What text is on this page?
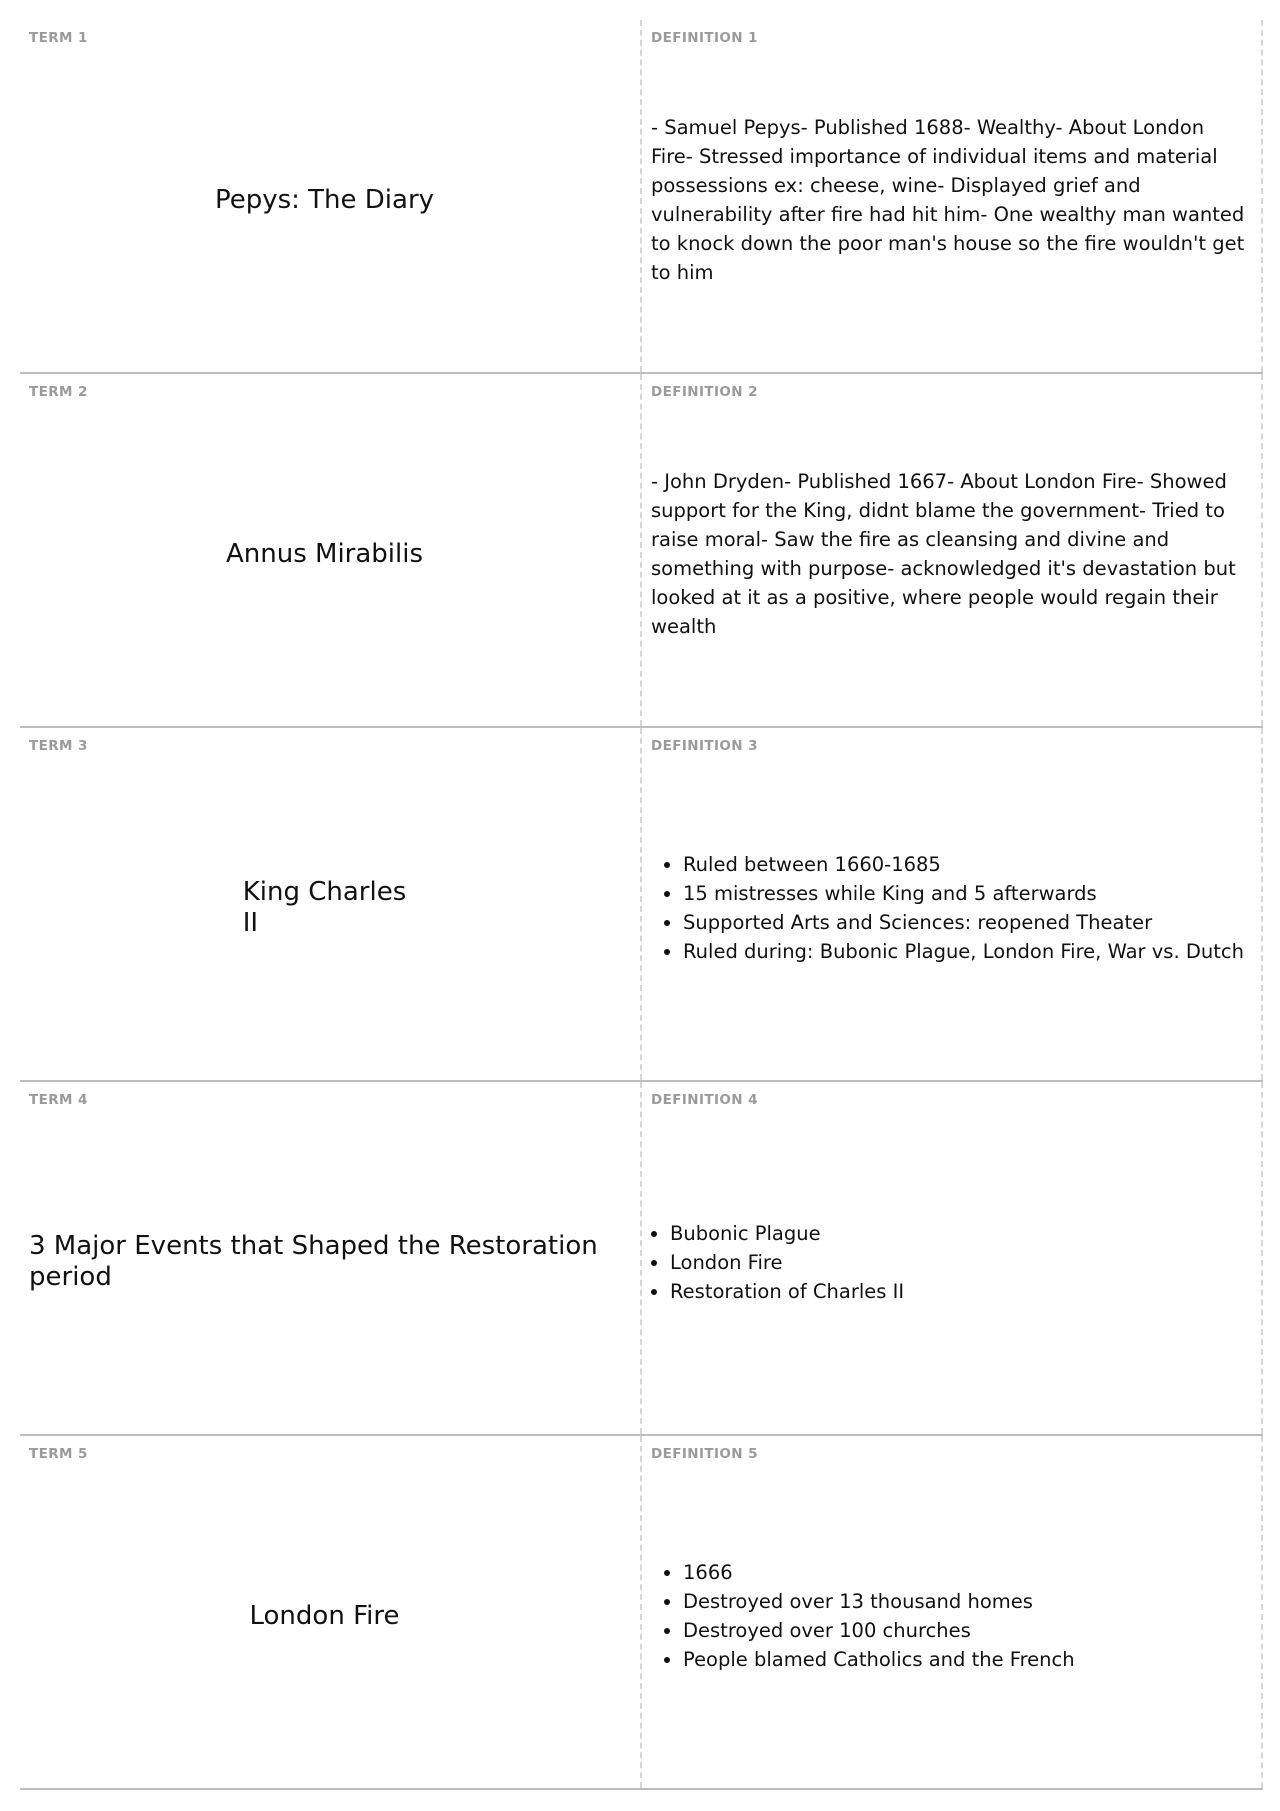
TERM 1
Pepys: The Diary
DEFINITION 1

- Samuel Pepys- Published 1688- Wealthy- About London Fire- Stressed importance of individual items and material possessions ex: cheese, wine- Displayed grief and vulnerability after fire had hit him- One wealthy man wanted to knock down the poor man's house so the fire wouldn't get to him

TERM 2
Annus Mirabilis
DEFINITION 2

- John Dryden- Published 1667- About London Fire- Showed support for the King, didnt blame the government- Tried to raise moral- Saw the fire as cleansing and divine and something with purpose- acknowledged it's devastation but looked at it as a positive, where people would regain their wealth

TERM 3
King Charles
II
DEFINITION 3
• Ruled between 1660-1685
• 15 mistresses while King and 5 afterwards
• Supported Arts and Sciences: reopened Theater
• Ruled during: Bubonic Plague, London Fire, War vs. Dutch
TERM 4
3 Major Events that Shaped the Restoration period
DEFINITION 4
• Bubonic Plague
• London Fire
• Restoration of Charles II
TERM 5
London Fire
DEFINITION 5
• 1666
• Destroyed over 13 thousand homes
• Destroyed over 100 churches
• People blamed Catholics and the French
